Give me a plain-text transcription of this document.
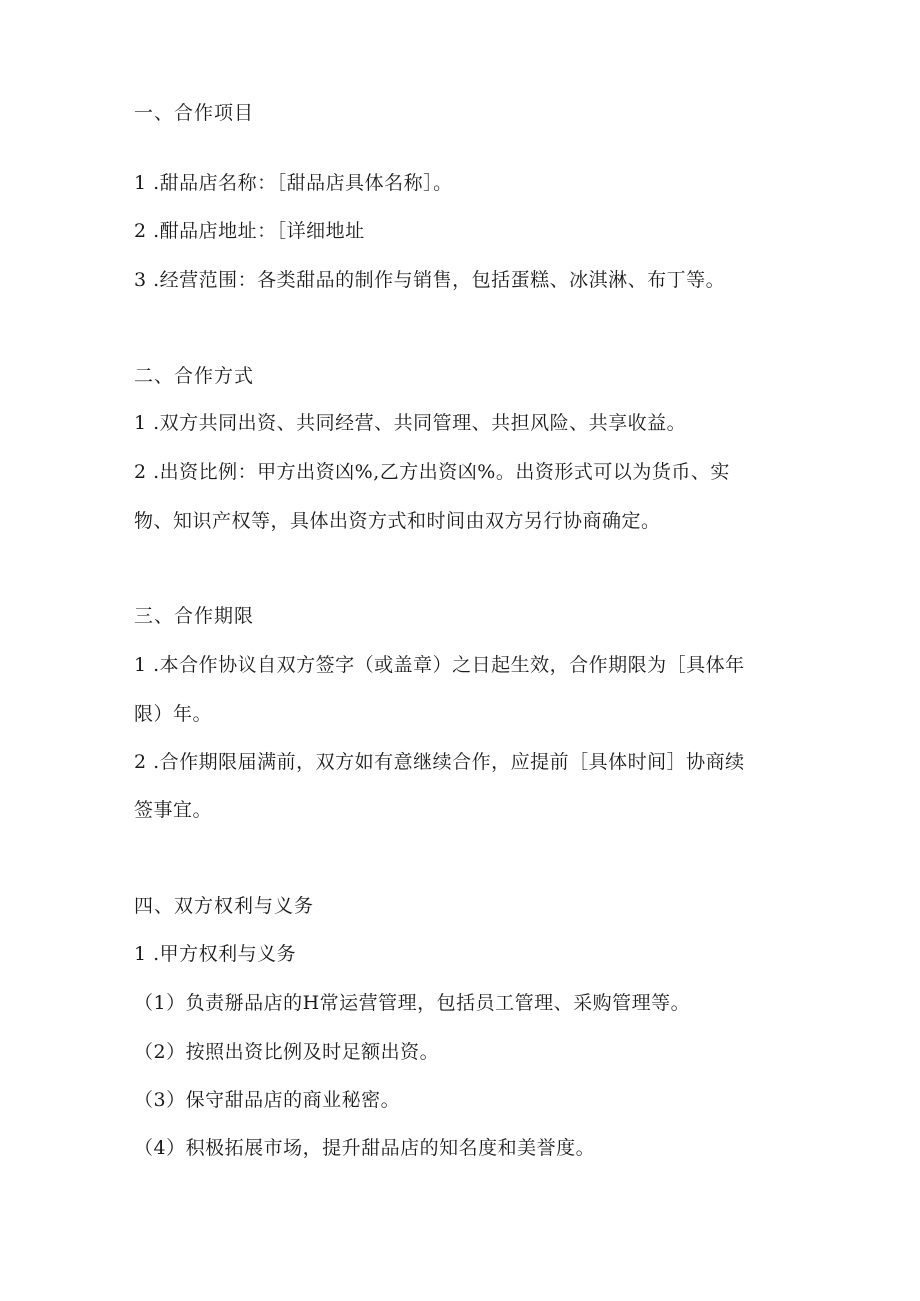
一、合作项目
1 .甜品店名称：［甜品店具体名称］。
2 .酣品店地址：［详细地址
3 .经营范围：各类甜品的制作与销售，包括蛋糕、冰淇淋、布丁等。
二、合作方式
1 .双方共同出资、共同经营、共同管理、共担风险、共享收益。
2 .出资比例：甲方出资凶%,乙方出资凶%。出资形式可以为货币、实
物、知识产权等，具体出资方式和时间由双方另行协商确定。
三、合作期限
1 .本合作协议自双方签字（或盖章）之日起生效，合作期限为［具体年
限）年。
2 .合作期限届满前，双方如有意继续合作，应提前［具体时间］协商续
签事宜。
四、双方权利与义务
1 .甲方权利与义务
（1）负责掰品店的H常运营管理，包括员工管理、采购管理等。
（2）按照出资比例及时足额出资。
（3）保守甜品店的商业秘密。
（4）积极拓展市场，提升甜品店的知名度和美誉度。
